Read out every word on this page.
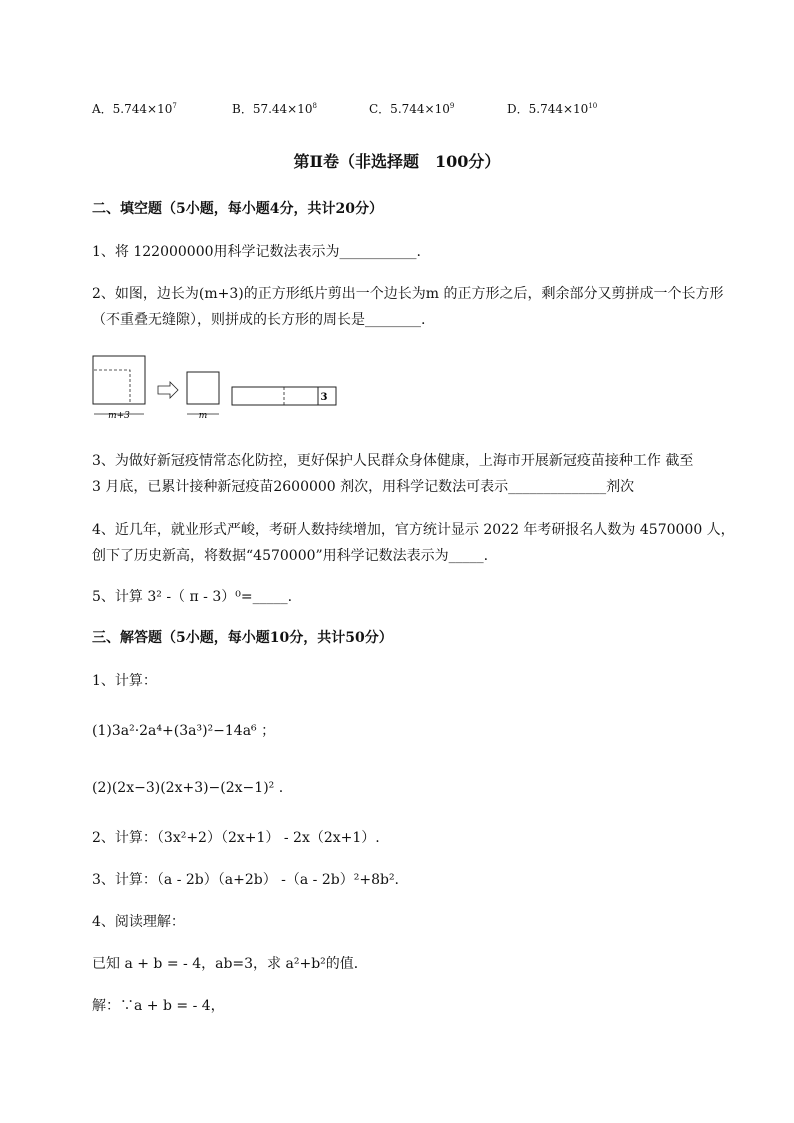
A．$5.744\times 10^7$	B．$57.44\times 10^8$	C．$5.744\times 10^9$	D．$5.744\times 10^{10}$
第Ⅱ卷（非选择题　100分）
二、填空题（5小题，每小题4分，共计20分）
1、将 122000000用科学记数法表示为___________.
2、如图，边长为(m+3)的正方形纸片剪出一个边长为m 的正方形之后，剩余部分又剪拼成一个长方形
（不重叠无缝隙），则拼成的长方形的周长是________.
m+3	m
3
3、为做好新冠疫情常态化防控，更好保护人民群众身体健康，上海市开展新冠疫苗接种工作 截至
3 月底，已累计接种新冠疫苗2600000 剂次，用科学记数法可表示______________剂次
4、近几年，就业形式严峻，考研人数持续增加，官方统计显示 2022 年考研报名人数为 4570000 人，
创下了历史新高，将数据“4570000”用科学记数法表示为_____.
5、计算 3² -（ π - 3）⁰=_____.
三、解答题（5小题，每小题10分，共计50分）
1、计算：
(1)3a²·2a⁴+(3a³)²−14a⁶ ；
(2)(2x−3)(2x+3)−(2x−1)² .
2、计算：（3x²+2）（2x+1） - 2x（2x+1）.
3、计算：（a - 2b）（a+2b） -（a - 2b）²+8b².
4、阅读理解：
已知 a + b = - 4，ab=3，求 a²+b²的值．
解：∵a + b = - 4，
